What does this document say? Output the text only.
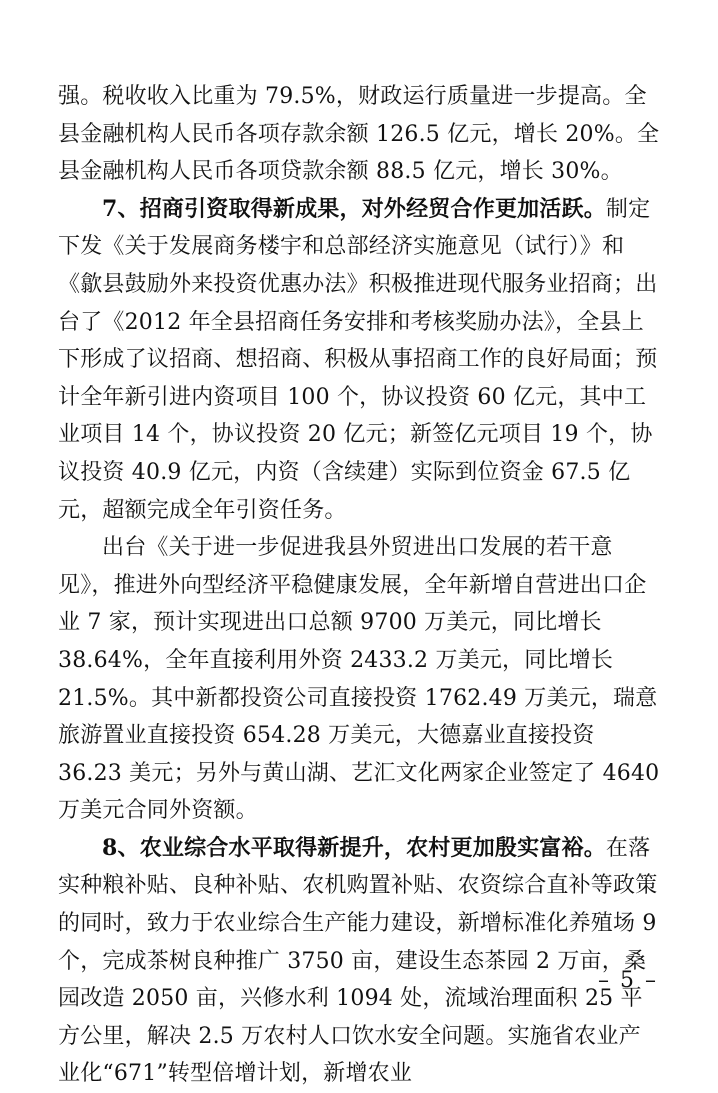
强。税收收入比重为 79.5%，财政运行质量进一步提高。全县金融机构人民币各项存款余额 126.5 亿元，增长 20%。全县金融机构人民币各项贷款余额 88.5 亿元，增长 30%。

7、招商引资取得新成果，对外经贸合作更加活跃。制定下发《关于发展商务楼宇和总部经济实施意见（试行）》和《歙县鼓励外来投资优惠办法》积极推进现代服务业招商；出台了《2012 年全县招商任务安排和考核奖励办法》，全县上下形成了议招商、想招商、积极从事招商工作的良好局面；预计全年新引进内资项目 100 个，协议投资 60 亿元，其中工业项目 14 个，协议投资 20 亿元；新签亿元项目 19 个，协议投资 40.9 亿元，内资（含续建）实际到位资金 67.5 亿元，超额完成全年引资任务。

出台《关于进一步促进我县外贸进出口发展的若干意见》，推进外向型经济平稳健康发展，全年新增自营进出口企业 7 家，预计实现进出口总额 9700 万美元，同比增长 38.64%，全年直接利用外资 2433.2 万美元，同比增长 21.5%。其中新都投资公司直接投资 1762.49 万美元，瑞意旅游置业直接投资 654.28 万美元，大德嘉业直接投资 36.23 美元；另外与黄山湖、艺汇文化两家企业签定了 4640 万美元合同外资额。

8、农业综合水平取得新提升，农村更加殷实富裕。在落实种粮补贴、良种补贴、农机购置补贴、农资综合直补等政策的同时，致力于农业综合生产能力建设，新增标准化养殖场 9 个，完成茶树良种推广 3750 亩，建设生态茶园 2 万亩，桑园改造 2050 亩，兴修水利 1094 处，流域治理面积 25 平方公里，解决 2.5 万农村人口饮水安全问题。实施省农业产业化“671”转型倍增计划，新增农业

– 5 –
